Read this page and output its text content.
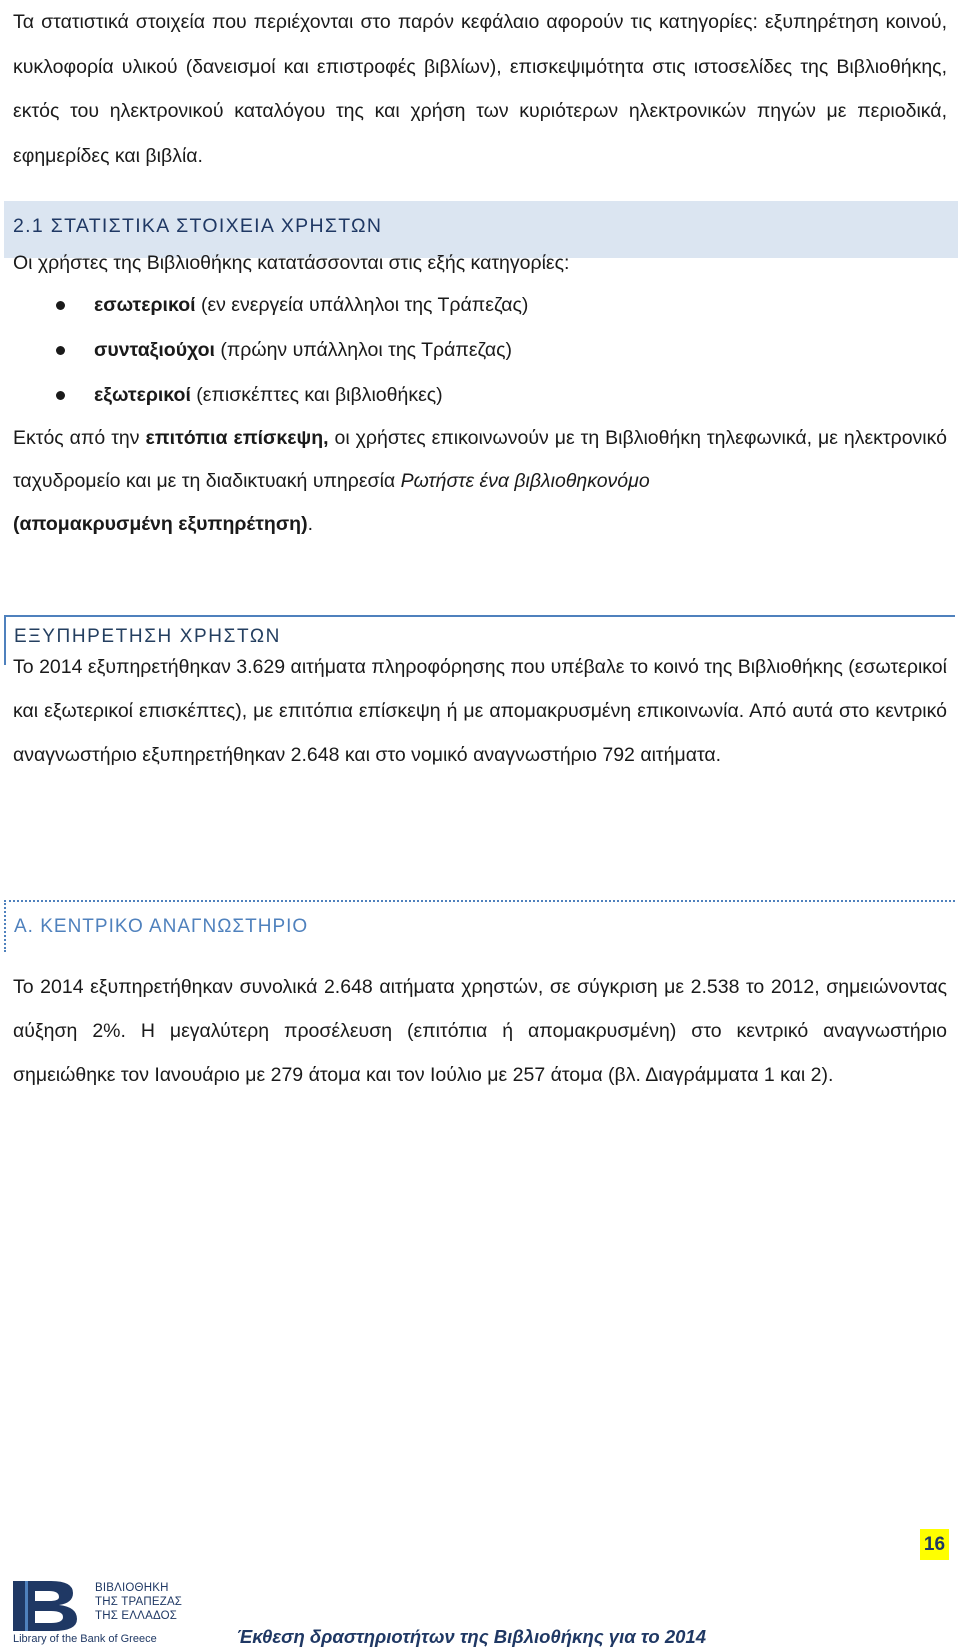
Τα στατιστικά στοιχεία που περιέχονται στο παρόν κεφάλαιο αφορούν τις κατηγορίες: εξυπηρέτηση κοινού, κυκλοφορία υλικού (δανεισμοί και επιστροφές βιβλίων), επισκεψιμότητα στις ιστοσελίδες της Βιβλιοθήκης, εκτός του ηλεκτρονικού καταλόγου της και χρήση των κυριότερων ηλεκτρονικών πηγών με περιοδικά, εφημερίδες και βιβλία.

2.1 ΣΤΑΤΙΣΤΙΚΑ ΣΤΟΙΧΕΙΑ ΧΡΗΣΤΩΝ

Οι χρήστες της Βιβλιοθήκης κατατάσσονται στις εξής κατηγορίες:

εσωτερικοί (εν ενεργεία υπάλληλοι της Τράπεζας)
συνταξιούχοι (πρώην υπάλληλοι της Τράπεζας)
εξωτερικοί (επισκέπτες και βιβλιοθήκες)

Εκτός από την επιτόπια επίσκεψη, οι χρήστες επικοινωνούν με τη Βιβλιοθήκη τηλεφωνικά, με ηλεκτρονικό ταχυδρομείο και με τη διαδικτυακή υπηρεσία Ρωτήστε ένα βιβλιοθηκονόμο
(απομακρυσμένη εξυπηρέτηση).

ΕΞΥΠΗΡΕΤΗΣΗ ΧΡΗΣΤΩΝ

Το 2014 εξυπηρετήθηκαν 3.629 αιτήματα πληροφόρησης που υπέβαλε το κοινό της Βιβλιοθήκης (εσωτερικοί και εξωτερικοί επισκέπτες), με επιτόπια επίσκεψη ή με απομακρυσμένη επικοινωνία. Από αυτά στο κεντρικό αναγνωστήριο εξυπηρετήθηκαν 2.648 και στο νομικό αναγνωστήριο 792 αιτήματα.

Α. ΚΕΝΤΡΙΚΟ ΑΝΑΓΝΩΣΤΗΡΙΟ

Το 2014 εξυπηρετήθηκαν συνολικά 2.648 αιτήματα χρηστών, σε σύγκριση με 2.538 το 2012, σημειώνοντας αύξηση 2%. Η μεγαλύτερη προσέλευση (επιτόπια ή απομακρυσμένη) στο κεντρικό αναγνωστήριο σημειώθηκε τον Ιανουάριο με 279 άτομα και τον Ιούλιο με 257 άτομα (βλ. Διαγράμματα 1 και 2).

16
ΒΙΒΛΙΟΘΗΚΗ
ΤΗΣ ΤΡΑΠΕΖΑΣ
ΤΗΣ ΕΛΛΑΔΟΣ
Library of the Bank of Greece	Έκθεση δραστηριοτήτων της Βιβλιοθήκης για το 2014
